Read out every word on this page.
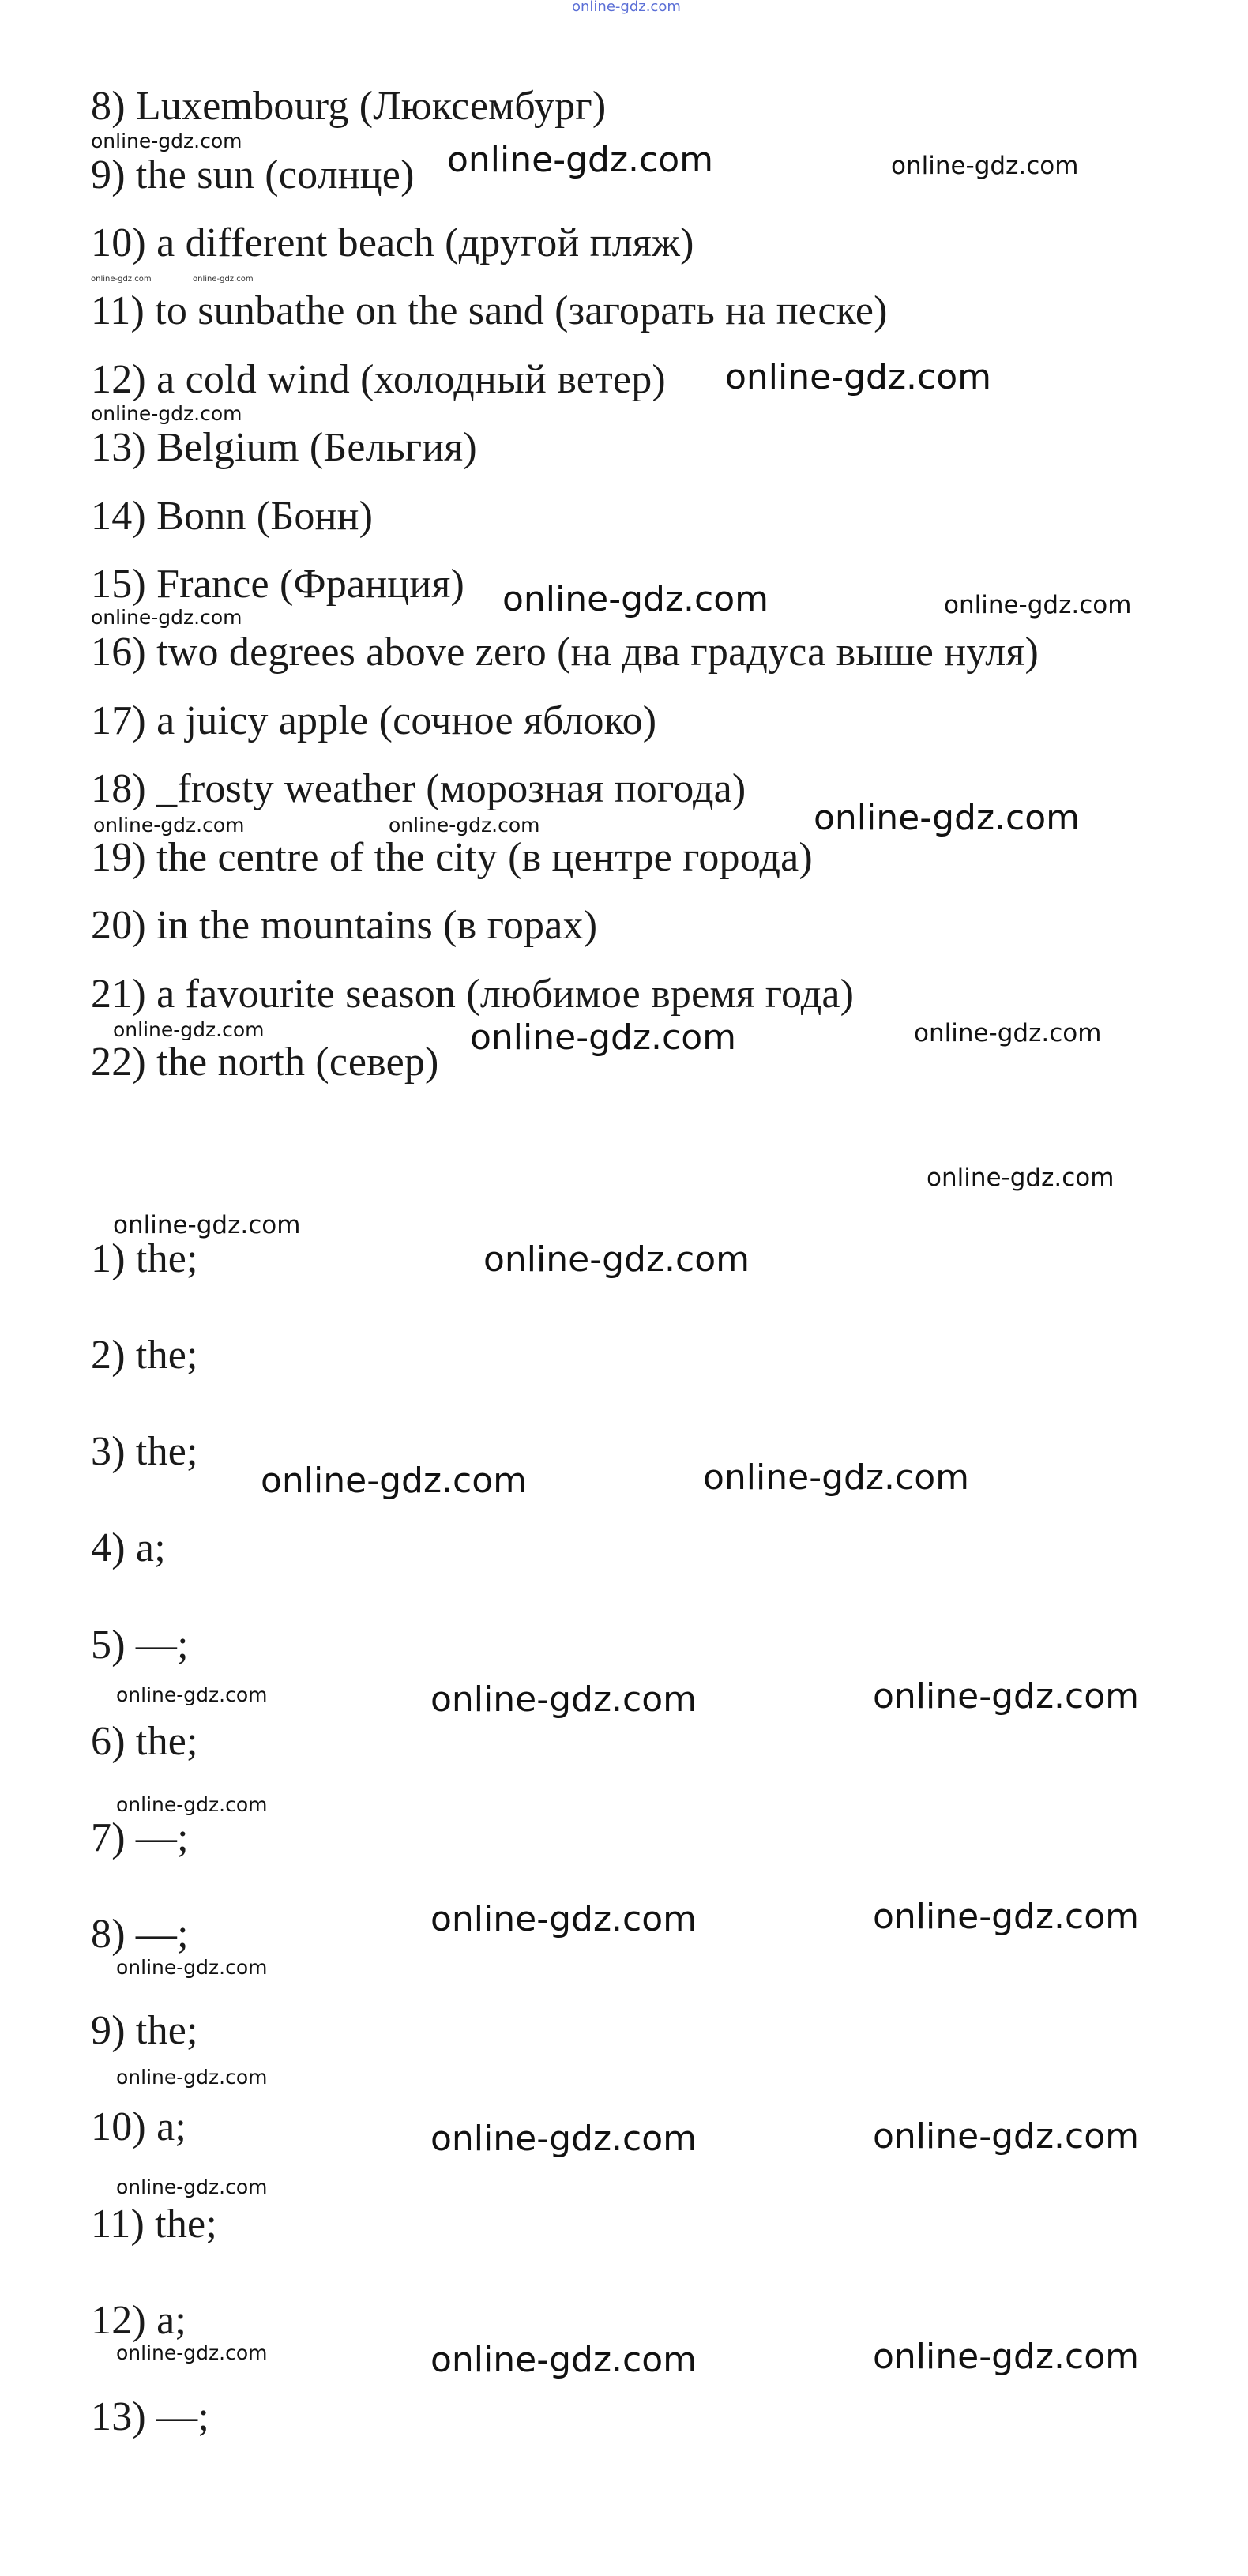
online-gdz.com
8) Luxembourg (Люксембург)
9) the sun (солнце)
10) a different beach (другой пляж)
11) to sunbathe on the sand (загорать на песке)
12) a cold wind (холодный ветер)
13) Belgium (Бельгия)
14) Bonn (Бонн)
15) France (Франция)
16) two degrees above zero (на два градуса выше нуля)
17) a juicy apple (сочное яблоко)
18) _frosty weather (морозная погода)
19) the centre of the city (в центре города)
20) in the mountains (в горах)
21) a favourite season (любимое время года)
22) the north (север)
1) the;
2) the;
3) the;
4) a;
5) —;
6) the;
7) —;
8) —;
9) the;
10) a;
11) the;
12) a;
13) —;
online-gdz.com	online-gdz.com	online-gdz.com
online-gdz.com	online-gdz.com
online-gdz.com
online-gdz.com
online-gdz.com	online-gdz.com
online-gdz.com
online-gdz.com
online-gdz.com	online-gdz.com
online-gdz.com	online-gdz.com	online-gdz.com
online-gdz.com
online-gdz.com
online-gdz.com
online-gdz.com	online-gdz.com
online-gdz.com	online-gdz.com	online-gdz.com
online-gdz.com
online-gdz.com	online-gdz.com
online-gdz.com
online-gdz.com
online-gdz.com	online-gdz.com
online-gdz.com
online-gdz.com	online-gdz.com	online-gdz.com
